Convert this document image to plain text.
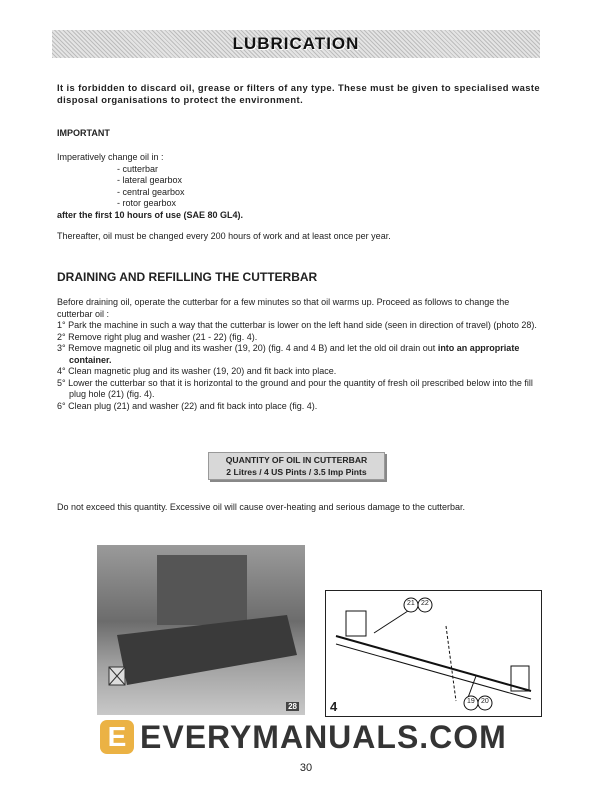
LUBRICATION
It is forbidden to discard oil, grease or filters of any type. These must be given to specialised waste disposal organisations to protect the environment.
IMPORTANT
Imperatively change oil in :
- cutterbar
- lateral gearbox
- central gearbox
- rotor gearbox
after the first 10 hours of use (SAE 80 GL4).
Thereafter, oil must be changed every 200 hours of work and at least once per year.
DRAINING AND REFILLING THE CUTTERBAR
Before draining oil, operate the cutterbar for a few minutes so that oil warms up. Proceed as follows to change the cutterbar oil :
1° Park the machine in such a way that the cutterbar is lower on the left hand side (seen in direction of travel) (photo 28).
2° Remove right plug and washer (21 - 22) (fig. 4).
3° Remove magnetic oil plug and its washer (19, 20) (fig. 4 and 4 B) and let the old oil drain out into an appropriate container.
4° Clean magnetic plug and its washer (19, 20) and fit back into place.
5° Lower the cutterbar so that it is horizontal to the ground and pour the quantity of fresh oil prescribed below into the fill plug hole (21) (fig. 4).
6° Clean plug (21) and washer (22) and fit back into place (fig. 4).
QUANTITY OF OIL IN CUTTERBAR
2 Litres / 4 US Pints / 3.5 Imp Pints
Do not exceed this quantity. Excessive oil will cause over-heating and serious damage to the cutterbar.
28
21 22
19 20
4
E EVERYMANUALS.COM
30
